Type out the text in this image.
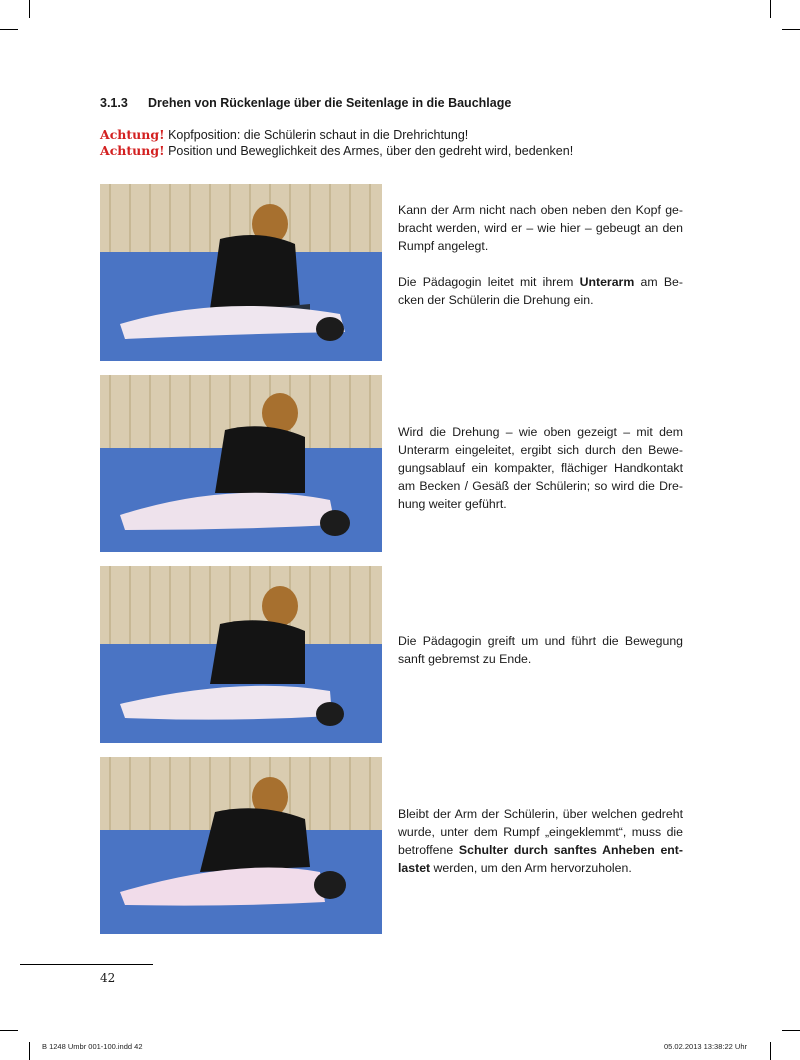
3.1.3 Drehen von Rückenlage über die Seitenlage in die Bauchlage
Achtung! Kopfposition: die Schülerin schaut in die Drehrichtung!
Achtung! Position und Beweglichkeit des Armes, über den gedreht wird, bedenken!
Kann der Arm nicht nach oben neben den Kopf ge-bracht werden, wird er – wie hier – gebeugt an den Rumpf angelegt.
Die Pädagogin leitet mit ihrem Unterarm am Be-cken der Schülerin die Drehung ein.
Wird die Drehung – wie oben gezeigt – mit dem Unterarm eingeleitet, ergibt sich durch den Bewe-gungsablauf ein kompakter, flächiger Handkontakt am Becken / Gesäß der Schülerin; so wird die Dre-hung weiter geführt.
Die Pädagogin greift um und führt die Bewegung sanft gebremst zu Ende.
Bleibt der Arm der Schülerin, über welchen gedreht wurde, unter dem Rumpf „eingeklemmt“, muss die betroffene Schulter durch sanftes Anheben ent-lastet werden, um den Arm hervorzuholen.
42
B 1248 Umbr 001-100.indd 42	05.02.2013 13:38:22 Uhr
